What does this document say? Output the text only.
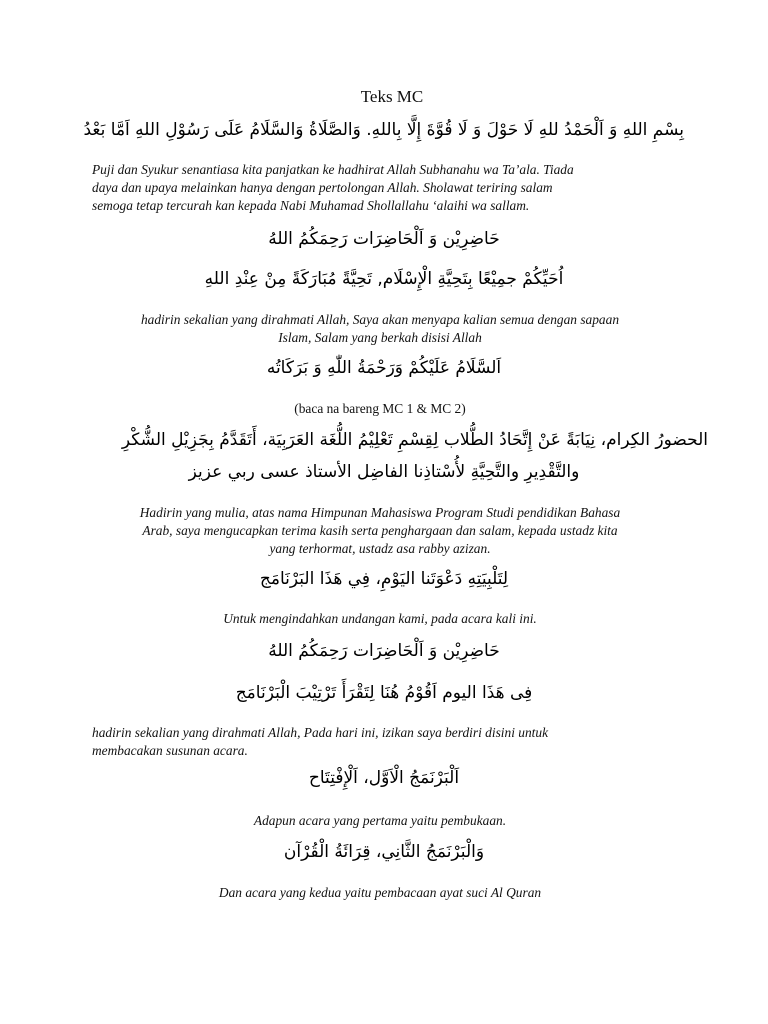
Teks MC
بِسْمِ اللهِ وَ اَلْحَمْدُ للهِ لَا حَوْلَ وَ لَا قُوَّةَ إِلَّا بِاللهِ. وَالصَّلَاةُ وَالسَّلَامُ عَلَى رَسُوْلِ اللهِ اَمَّا بَعْدُ
Puji dan Syukur senantiasa kita panjatkan ke hadhirat Allah Subhanahu wa Ta’ala. Tiada
daya dan upaya melainkan hanya dengan pertolongan Allah. Sholawat teriring salam
semoga tetap tercurah kan kepada Nabi Muhamad Shollallahu ‘alaihi wa sallam.
حَاضِرِيْن وَ اَلْحَاضِرَات رَحِمَكُمُ اللهُ
اُحَيِّكُمْ جمِيْعًا بِتَحِيَّةِ الْإِسْلَام, تَحِيَّةً مُبَارَكَةً مِنْ عِنْدِ اللهِ
hadirin sekalian yang dirahmati Allah, Saya akan menyapa kalian semua dengan sapaan
Islam, Salam yang berkah disisi Allah
اَلسَّلَامُ عَلَيْكُمْ وَرَحْمَةُ اللّٰهِ وَ بَرَكَاتُه
(baca na bareng MC 1 & MC 2)
الحضورُ الكِرام، نِيَابَةً عَنْ إِتَّحَادُ الطُّلاب لِقِسْمِ تَعْلِيْمُ اللُّغَة العَرَبِيَة، أَتَقَدَّمُ بِجَزِيْلِ الشُّكْرِ
والتَّقْدِيرِ والتَّحِيَّةِ لأُسْتاذِنا الفاضِل الأستاذ عسى ربي عزيز
Hadirin yang mulia, atas nama Himpunan Mahasiswa Program Studi pendidikan Bahasa
Arab, saya mengucapkan terima kasih serta penghargaan dan salam, kepada ustadz kita
yang terhormat, ustadz asa rabby azizan.
لِتَلْبِيَتِهِ دَعْوَتَنا اليَوْمِ، فِي هَذَا البَرْنَامَج
Untuk mengindahkan undangan kami, pada acara kali ini.
حَاضِرِيْن وَ اَلْحَاضِرَات رَحِمَكُمُ اللهُ
فِى هَذَا اليوم اَقُوْمُ هُنَا لِتَقْرَأَ تَرْتِيْبَ الْبَرْنَامَج
hadirin sekalian yang dirahmati Allah, Pada hari ini, izikan saya berdiri disini untuk
membacakan susunan acara.
اَلْبَرْنَمَجُ الْاَوَّل، اَلْإِفْتِتَاح
Adapun acara yang pertama yaitu pembukaan.
وَالْبَرْنَمَجُ الثَّانِي، قِرَائَةُ الْقُرْآن
Dan acara yang kedua yaitu pembacaan ayat suci Al Quran
